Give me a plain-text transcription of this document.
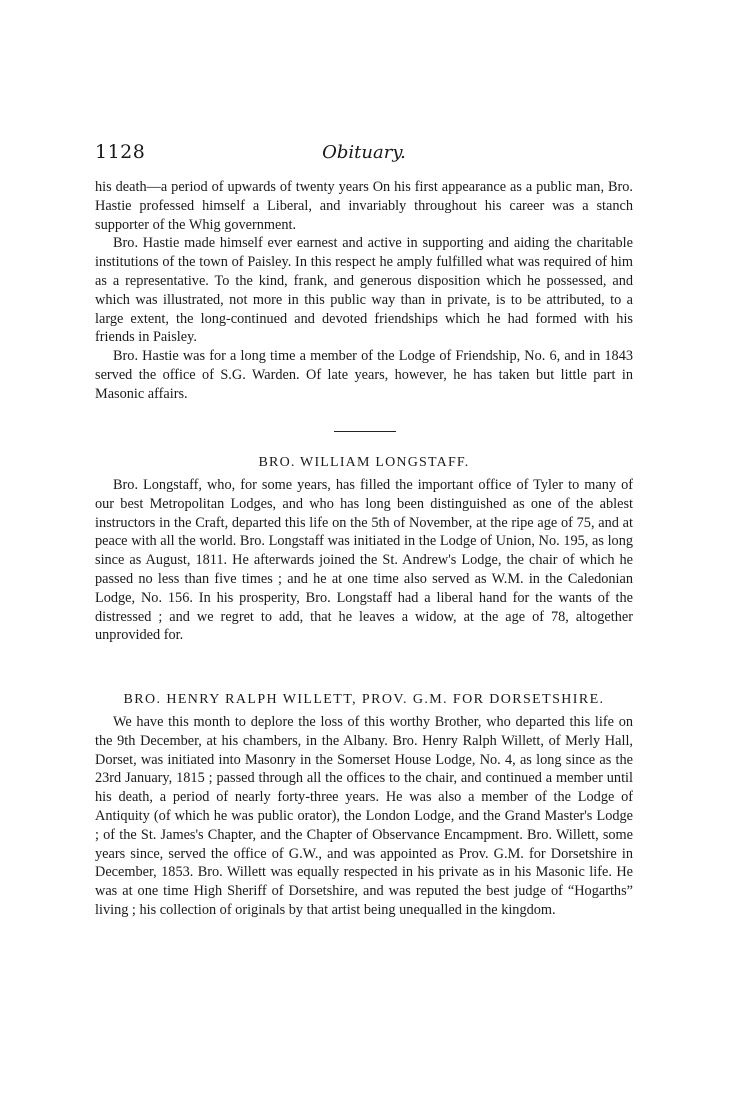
1128	Obituary.

his death—a period of upwards of twenty years On his first appearance as a public man, Bro. Hastie professed himself a Liberal, and invariably throughout his career was a stanch supporter of the Whig government.

Bro. Hastie made himself ever earnest and active in supporting and aiding the charitable institutions of the town of Paisley. In this respect he amply fulfilled what was required of him as a representative. To the kind, frank, and generous disposition which he possessed, and which was illustrated, not more in this public way than in private, is to be attributed, to a large extent, the long-continued and devoted friendships which he had formed with his friends in Paisley.

Bro. Hastie was for a long time a member of the Lodge of Friendship, No. 6, and in 1843 served the office of S.G. Warden. Of late years, however, he has taken but little part in Masonic affairs.

BRO. WILLIAM LONGSTAFF.

Bro. Longstaff, who, for some years, has filled the important office of Tyler to many of our best Metropolitan Lodges, and who has long been distinguished as one of the ablest instructors in the Craft, departed this life on the 5th of November, at the ripe age of 75, and at peace with all the world. Bro. Longstaff was initiated in the Lodge of Union, No. 195, as long since as August, 1811. He afterwards joined the St. Andrew's Lodge, the chair of which he passed no less than five times ; and he at one time also served as W.M. in the Caledonian Lodge, No. 156. In his prosperity, Bro. Longstaff had a liberal hand for the wants of the distressed ; and we regret to add, that he leaves a widow, at the age of 78, altogether unprovided for.

BRO. HENRY RALPH WILLETT, PROV. G.M. FOR DORSETSHIRE.

We have this month to deplore the loss of this worthy Brother, who departed this life on the 9th December, at his chambers, in the Albany. Bro. Henry Ralph Willett, of Merly Hall, Dorset, was initiated into Masonry in the Somerset House Lodge, No. 4, as long since as the 23rd January, 1815 ; passed through all the offices to the chair, and continued a member until his death, a period of nearly forty-three years. He was also a member of the Lodge of Antiquity (of which he was public orator), the London Lodge, and the Grand Master's Lodge ; of the St. James's Chapter, and the Chapter of Observance Encampment. Bro. Willett, some years since, served the office of G.W., and was appointed as Prov. G.M. for Dorsetshire in December, 1853. Bro. Willett was equally respected in his private as in his Masonic life. He was at one time High Sheriff of Dorsetshire, and was reputed the best judge of “Hogarths” living ; his collection of originals by that artist being unequalled in the kingdom.
